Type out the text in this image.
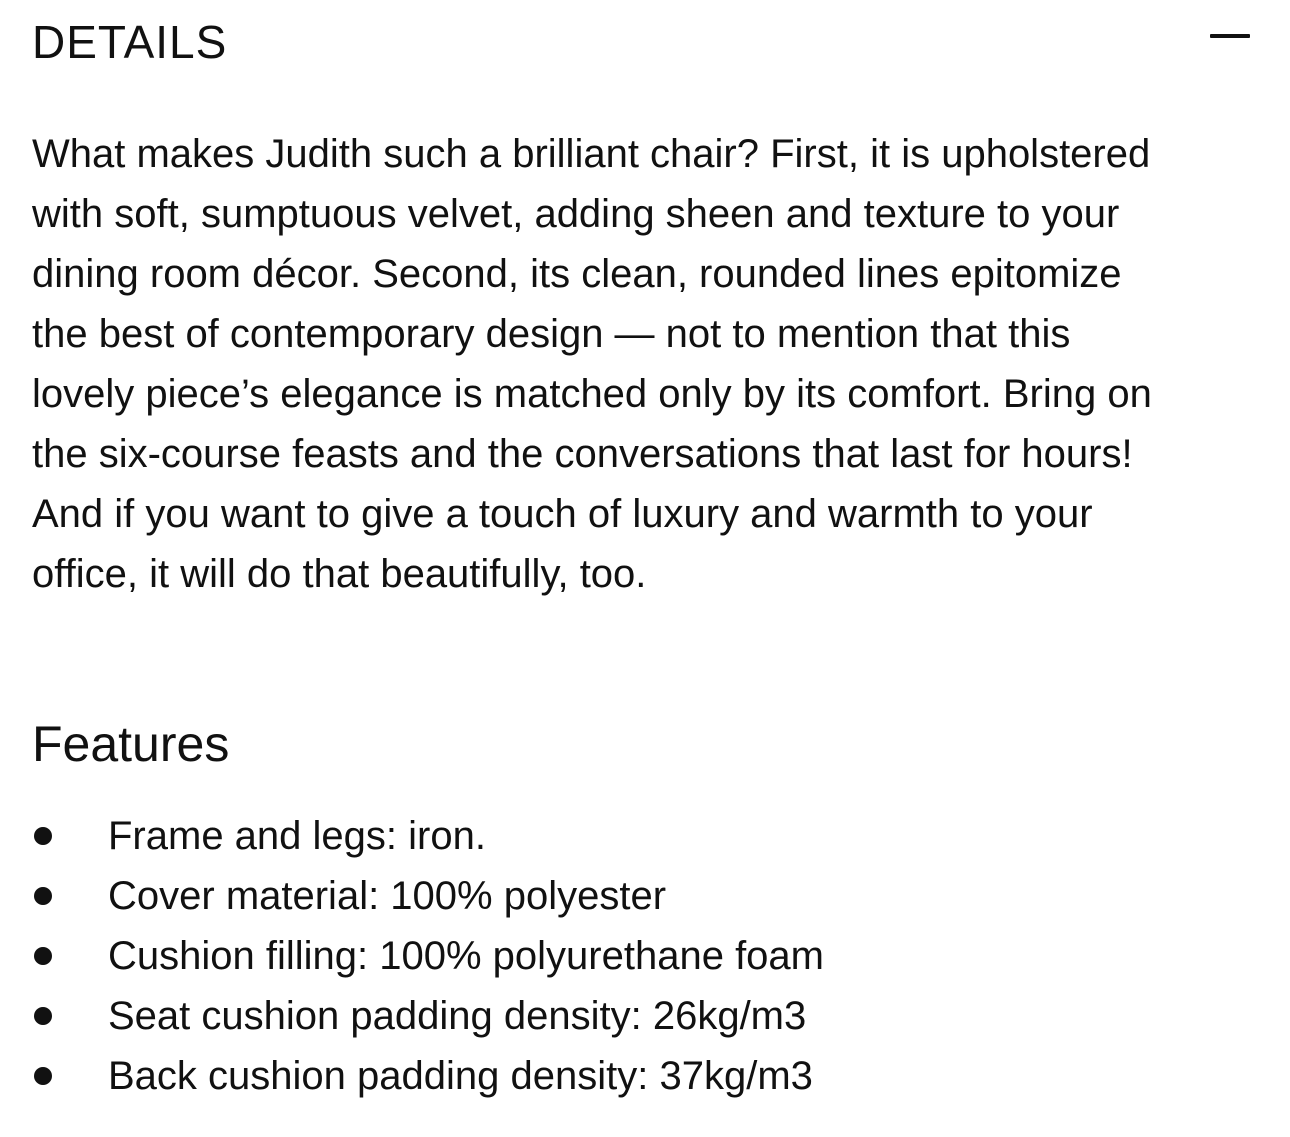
DETAILS

What makes Judith such a brilliant chair? First, it is upholstered with soft, sumptuous velvet, adding sheen and texture to your dining room décor. Second, its clean, rounded lines epitomize the best of contemporary design — not to mention that this lovely piece’s elegance is matched only by its comfort. Bring on the six-course feasts and the conversations that last for hours! And if you want to give a touch of luxury and warmth to your office, it will do that beautifully, too.

Features
Frame and legs: iron.
Cover material: 100% polyester
Cushion filling: 100% polyurethane foam
Seat cushion padding density: 26kg/m3
Back cushion padding density: 37kg/m3
